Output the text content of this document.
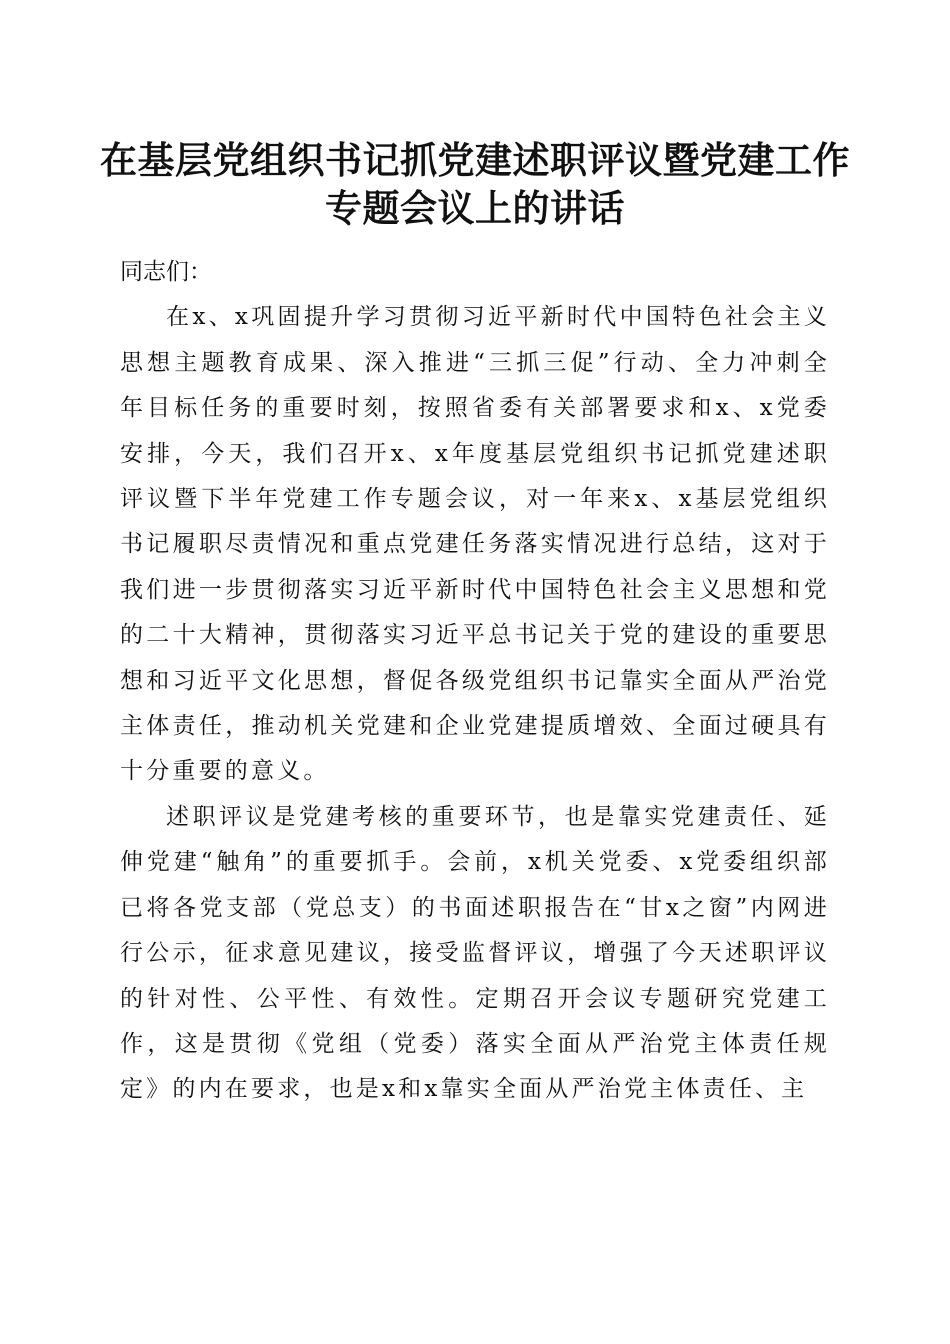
在基层党组织书记抓党建述职评议暨党建工作
专题会议上的讲话

同志们：

在x、x巩固提升学习贯彻习近平新时代中国特色社会主义思想主题教育成果、深入推进“三抓三促”行动、全力冲刺全年目标任务的重要时刻，按照省委有关部署要求和x、x党委安排，今天，我们召开x、x年度基层党组织书记抓党建述职评议暨下半年党建工作专题会议，对一年来x、x基层党组织书记履职尽责情况和重点党建任务落实情况进行总结，这对于我们进一步贯彻落实习近平新时代中国特色社会主义思想和党的二十大精神，贯彻落实习近平总书记关于党的建设的重要思想和习近平文化思想，督促各级党组织书记靠实全面从严治党主体责任，推动机关党建和企业党建提质增效、全面过硬具有十分重要的意义。

述职评议是党建考核的重要环节，也是靠实党建责任、延伸党建“触角”的重要抓手。会前，x机关党委、x党委组织部已将各党支部（党总支）的书面述职报告在“甘x之窗”内网进行公示，征求意见建议，接受监督评议，增强了今天述职评议的针对性、公平性、有效性。定期召开会议专题研究党建工作，这是贯彻《党组（党委）落实全面从严治党主体责任规定》的内在要求，也是x和x靠实全面从严治党主体责任、主
